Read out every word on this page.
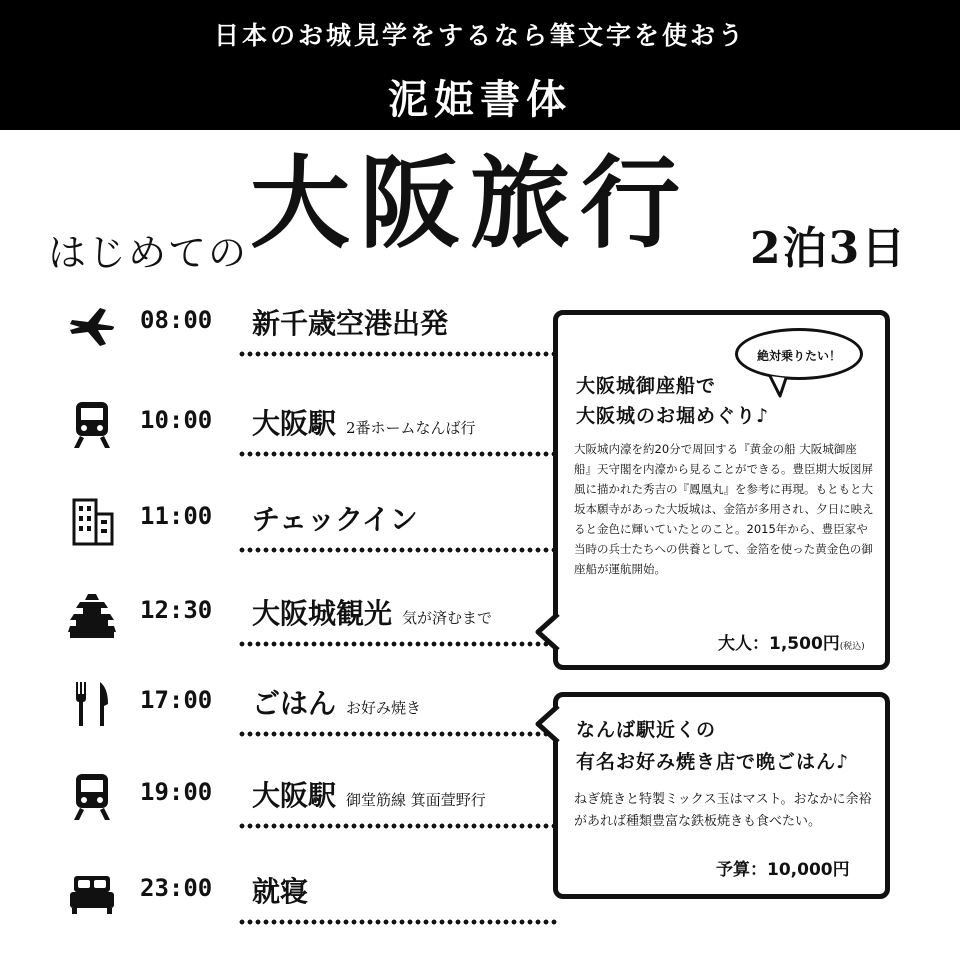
日本のお城見学をするなら筆文字を使おう
泥姫書体
はじめての 大阪旅行 2泊3日
08:00 新千歳空港出発
10:00 大阪駅 2番ホームなんば行
11:00 チェックイン
12:30 大阪城観光 気が済むまで
17:00 ごはん お好み焼き
19:00 大阪駅 御堂筋線 箕面萱野行
23:00 就寝
大阪城御座船で
大阪城のお堀めぐり♪
大阪城内濠を約20分で周回する『黄金の船 大阪城御座船』天守閣を内濠から見ることができる。豊臣期大坂図屏風に描かれた秀吉の『鳳凰丸』を参考に再現。もともと大坂本願寺があった大坂城は、金箔が多用され、夕日に映えると金色に輝いていたとのこと。2015年から、豊臣家や当時の兵士たちへの供養として、金箔を使った黄金色の御座船が運航開始。
大人：1,500円(税込)
絶対乗りたい！
なんば駅近くの
有名お好み焼き店で晩ごはん♪
ねぎ焼きと特製ミックス玉はマスト。おなかに余裕があれば種類豊富な鉄板焼きも食べたい。
予算：10,000円
